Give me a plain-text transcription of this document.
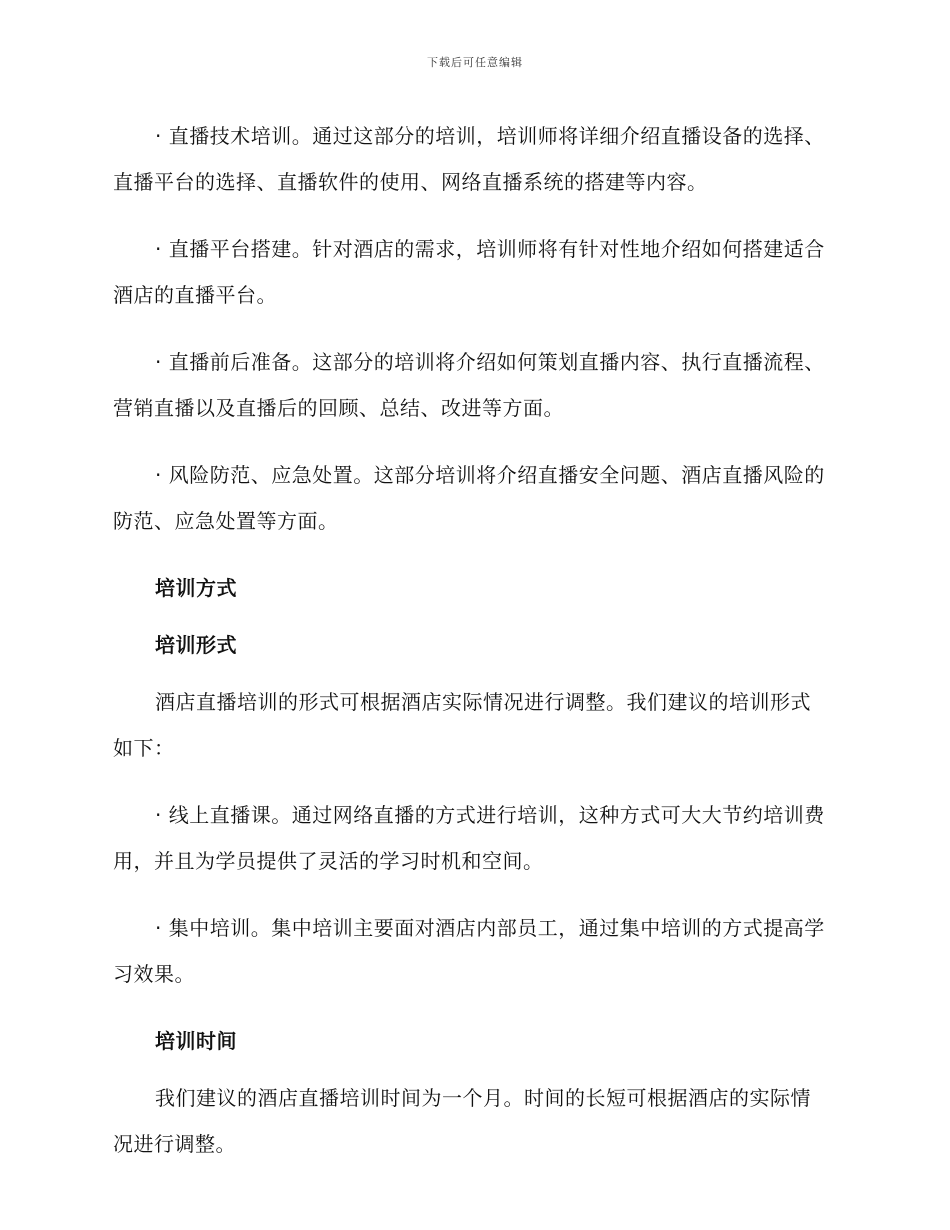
下载后可任意编辑

· 直播技术培训。通过这部分的培训，培训师将详细介绍直播设备的选择、直播平台的选择、直播软件的使用、网络直播系统的搭建等内容。

· 直播平台搭建。针对酒店的需求，培训师将有针对性地介绍如何搭建适合酒店的直播平台。

· 直播前后准备。这部分的培训将介绍如何策划直播内容、执行直播流程、营销直播以及直播后的回顾、总结、改进等方面。

· 风险防范、应急处置。这部分培训将介绍直播安全问题、酒店直播风险的防范、应急处置等方面。

培训方式
培训形式

酒店直播培训的形式可根据酒店实际情况进行调整。我们建议的培训形式如下：

· 线上直播课。通过网络直播的方式进行培训，这种方式可大大节约培训费用，并且为学员提供了灵活的学习时机和空间。

· 集中培训。集中培训主要面对酒店内部员工，通过集中培训的方式提高学习效果。

培训时间

我们建议的酒店直播培训时间为一个月。时间的长短可根据酒店的实际情况进行调整。
